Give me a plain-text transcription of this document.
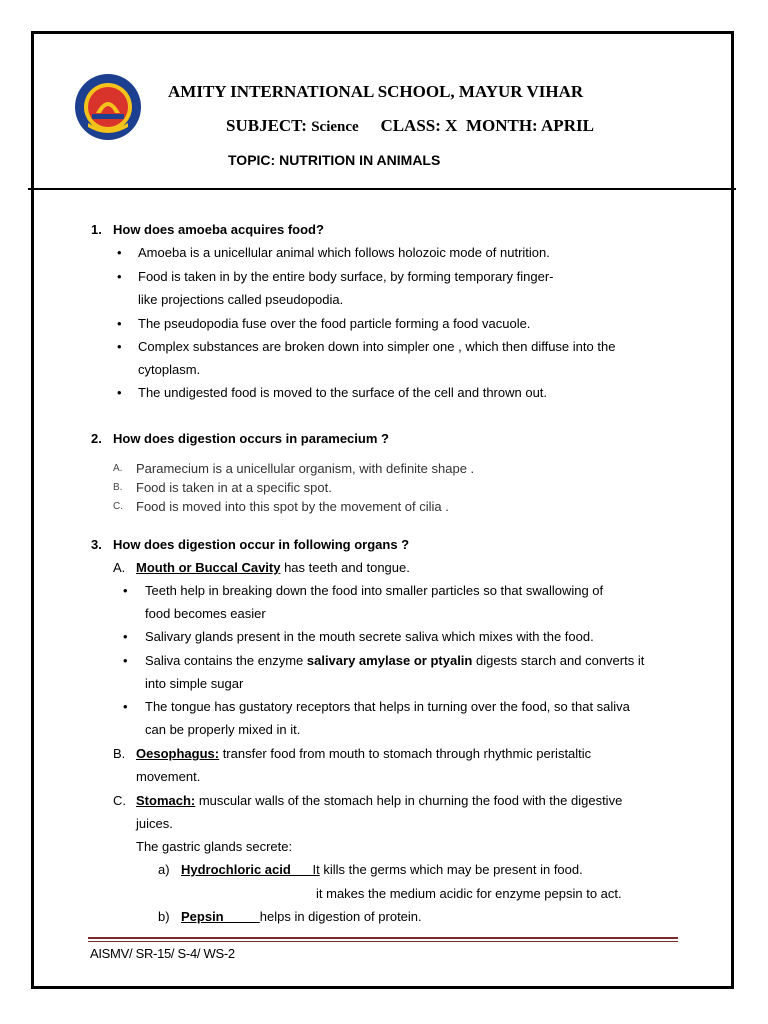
AMITY INTERNATIONAL SCHOOL, MAYUR VIHAR
SUBJECT: Science CLASS: X MONTH: APRIL
TOPIC: NUTRITION IN ANIMALS
1. How does amoeba acquires food?
• Amoeba is a unicellular animal which follows holozoic mode of nutrition.
• Food is taken in by the entire body surface, by forming temporary finger-
like projections called pseudopodia.
• The pseudopodia fuse over the food particle forming a food vacuole.
• Complex substances are broken down into simpler one , which then diffuse into the
cytoplasm.
• The undigested food is moved to the surface of the cell and thrown out.
2. How does digestion occurs in paramecium ?
A. Paramecium is a unicellular organism, with definite shape .
B. Food is taken in at a specific spot.
C. Food is moved into this spot by the movement of cilia .
3. How does digestion occur in following organs ?
A. Mouth or Buccal Cavity has teeth and tongue.
• Teeth help in breaking down the food into smaller particles so that swallowing of
food becomes easier
• Salivary glands present in the mouth secrete saliva which mixes with the food.
• Saliva contains the enzyme salivary amylase or ptyalin digests starch and converts it
into simple sugar
• The tongue has gustatory receptors that helps in turning over the food, so that saliva
can be properly mixed in it.
B. Oesophagus: transfer food from mouth to stomach through rhythmic peristaltic
movement.
C. Stomach: muscular walls of the stomach help in churning the food with the digestive
juices.
The gastric glands secrete:
a) Hydrochloric acid      It kills the germs which may be present in food.
it makes the medium acidic for enzyme pepsin to act.
b) Pepsin          helps in digestion of protein.
AISMV/ SR-15/ S-4/ WS-2
